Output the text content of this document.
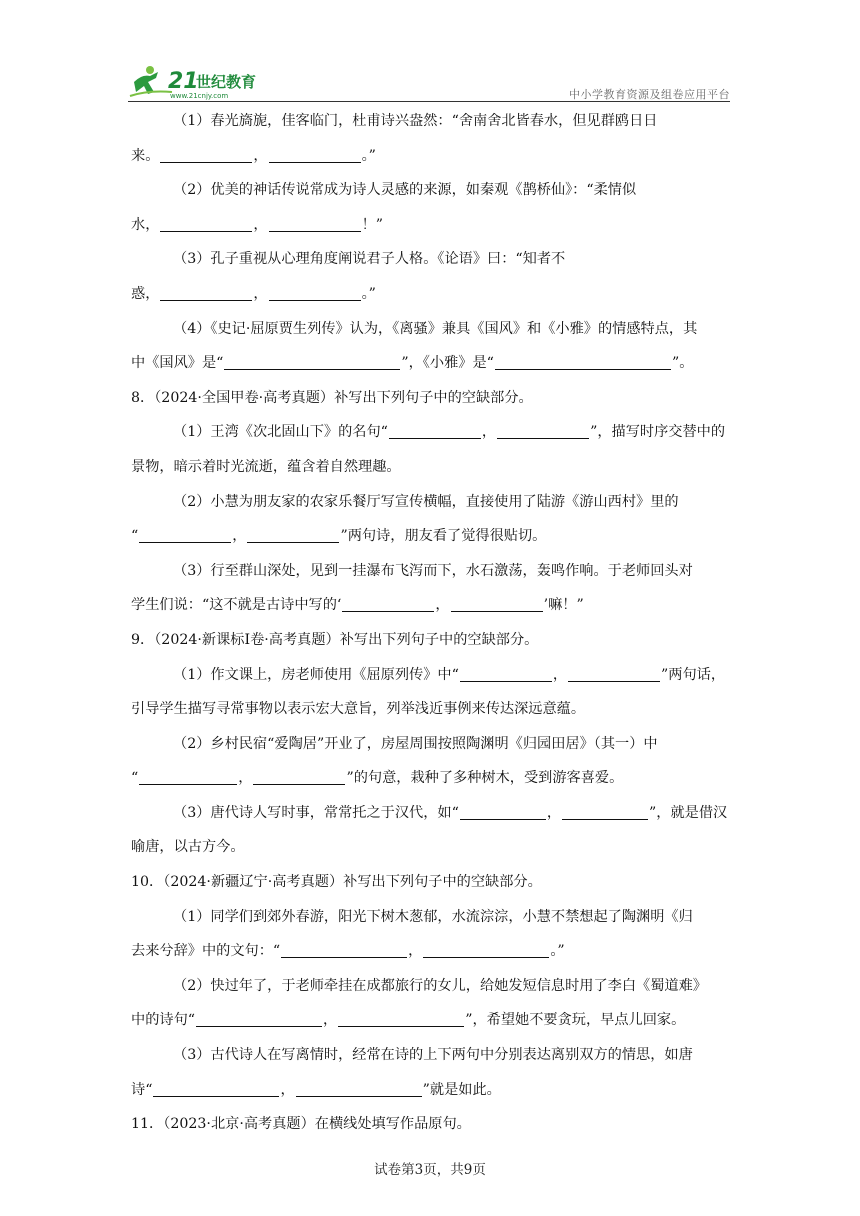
21
世纪教育
www.21cnjy.com	中小学教育资源及组卷应用平台
（1）春光旖旎，佳客临门，杜甫诗兴盎然：“舍南舍北皆春水，但见群鸥日日
来。	，	。”
（2）优美的神话传说常成为诗人灵感的来源，如秦观《鹊桥仙》：“柔情似
水，	，	！”
（3）孔子重视从心理角度阐说君子人格。《论语》曰：“知者不
惑，	，	。”
（4）《史记·屈原贾生列传》认为，《离骚》兼具《国风》和《小雅》的情感特点，其
中《国风》是“	”，《小雅》是“	”。
8．（2024·全国甲卷·高考真题）补写出下列句子中的空缺部分。
（1）王湾《次北固山下》的名句“	，	”，描写时序交替中的
景物，暗示着时光流逝，蕴含着自然理趣。
（2）小慧为朋友家的农家乐餐厅写宣传横幅，直接使用了陆游《游山西村》里的
“	，	”两句诗，朋友看了觉得很贴切。
（3）行至群山深处，见到一挂瀑布飞泻而下，水石激荡，轰鸣作响。于老师回头对
学生们说：“这不就是古诗中写的‘	，	’嘛！”
9．（2024·新课标Ⅰ卷·高考真题）补写出下列句子中的空缺部分。
（1）作文课上，房老师使用《屈原列传》中“	，	”两句话，
引导学生描写寻常事物以表示宏大意旨，列举浅近事例来传达深远意蕴。
（2）乡村民宿“爱陶居”开业了，房屋周围按照陶渊明《归园田居》（其一）中
“	，	”的句意，栽种了多种树木，受到游客喜爱。
（3）唐代诗人写时事，常常托之于汉代，如“	，	”，就是借汉
喻唐，以古方今。
10．（2024·新疆辽宁·高考真题）补写出下列句子中的空缺部分。
（1）同学们到郊外春游，阳光下树木葱郁，水流淙淙，小慧不禁想起了陶渊明《归
去来兮辞》中的文句：“	，	。”
（2）快过年了，于老师牵挂在成都旅行的女儿，给她发短信息时用了李白《蜀道难》
中的诗句“	，	”，希望她不要贪玩，早点儿回家。
（3）古代诗人在写离情时，经常在诗的上下两句中分别表达离别双方的情思，如唐
诗“	，	”就是如此。
11．（2023·北京·高考真题）在横线处填写作品原句。
试卷第3页，共9页
